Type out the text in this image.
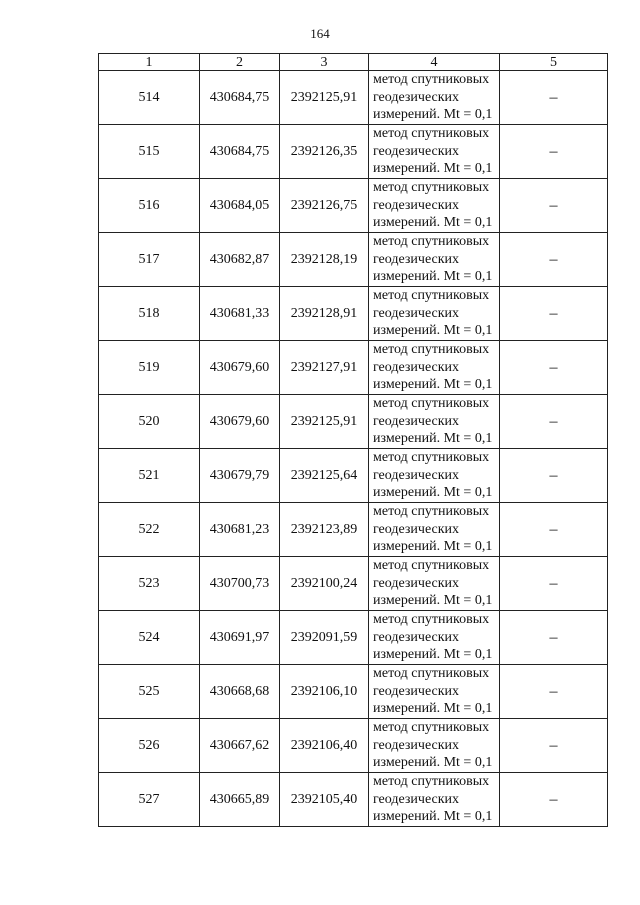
164
1	2	3	4	5
514	430684,75	2392125,91	метод спутниковых
геодезических
измерений. Mt = 0,1	–
515	430684,75	2392126,35	метод спутниковых
геодезических
измерений. Mt = 0,1	–
516	430684,05	2392126,75	метод спутниковых
геодезических
измерений. Mt = 0,1	–
517	430682,87	2392128,19	метод спутниковых
геодезических
измерений. Mt = 0,1	–
518	430681,33	2392128,91	метод спутниковых
геодезических
измерений. Mt = 0,1	–
519	430679,60	2392127,91	метод спутниковых
геодезических
измерений. Mt = 0,1	–
520	430679,60	2392125,91	метод спутниковых
геодезических
измерений. Mt = 0,1	–
521	430679,79	2392125,64	метод спутниковых
геодезических
измерений. Mt = 0,1	–
522	430681,23	2392123,89	метод спутниковых
геодезических
измерений. Mt = 0,1	–
523	430700,73	2392100,24	метод спутниковых
геодезических
измерений. Mt = 0,1	–
524	430691,97	2392091,59	метод спутниковых
геодезических
измерений. Mt = 0,1	–
525	430668,68	2392106,10	метод спутниковых
геодезических
измерений. Mt = 0,1	–
526	430667,62	2392106,40	метод спутниковых
геодезических
измерений. Mt = 0,1	–
527	430665,89	2392105,40	метод спутниковых
геодезических
измерений. Mt = 0,1	–
